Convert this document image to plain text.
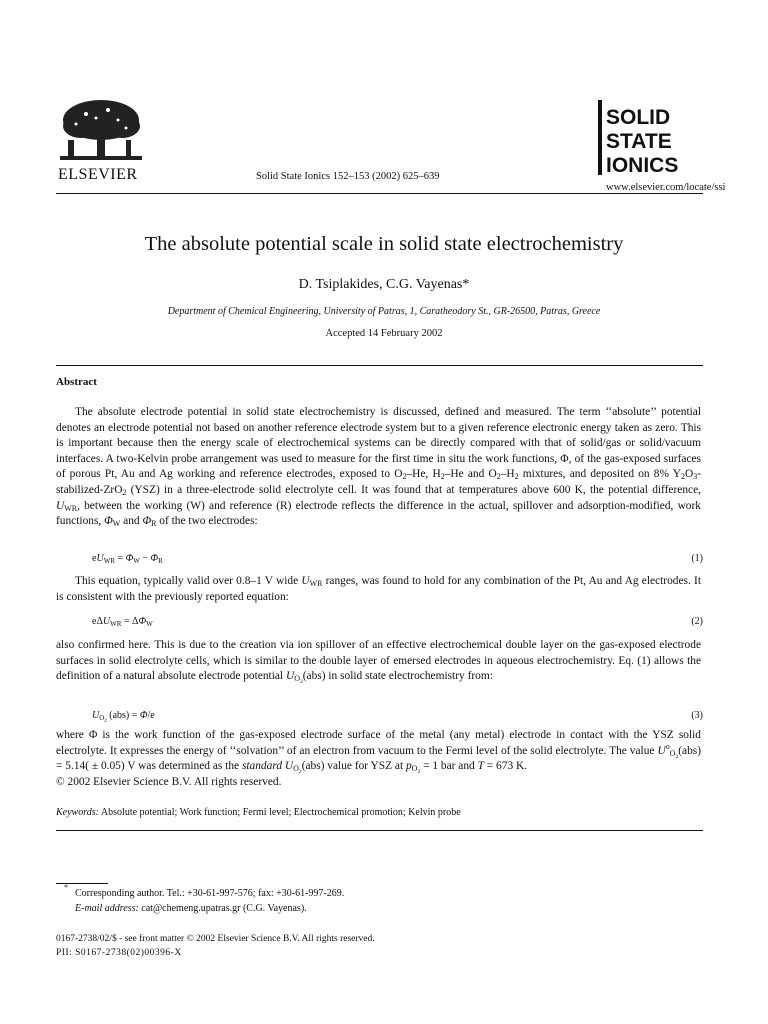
ELSEVIER	Solid State Ionics 152–153 (2002) 625–639
SOLID
STATE
IONICS
www.elsevier.com/locate/ssi
The absolute potential scale in solid state electrochemistry
D. Tsiplakides, C.G. Vayenas*
Department of Chemical Engineering, University of Patras, 1, Caratheodory St., GR-26500, Patras, Greece
Accepted 14 February 2002
Abstract
The absolute electrode potential in solid state electrochemistry is discussed, defined and measured. The term ‘‘absolute’’ potential denotes an electrode potential not based on another reference electrode system but to a given reference electronic energy taken as zero. This is important because then the energy scale of electrochemical systems can be directly compared with that of solid/gas or solid/vacuum interfaces. A two-Kelvin probe arrangement was used to measure for the first time in situ the work functions, Φ, of the gas-exposed surfaces of porous Pt, Au and Ag working and reference electrodes, exposed to $O_2-He$, $H_2-He$ and $O_2-H_2$ mixtures, and deposited on 8% $Y_2O_3-stabilized-ZrO_2$ (YSZ) in a three-electrode solid electrolyte cell. It was found that at temperatures above 600 K, the potential difference, $U_{WR}$, between the working (W) and reference (R) electrode reflects the difference in the actual, spillover and adsorption-modified, work functions, $\Phi_W$ and $\Phi_R$ of the two electrodes:
$eU_{WR} = \Phi_W - \Phi_R$	(1)
This equation, typically valid over 0.8–1 V wide $U_{WR}$ ranges, was found to hold for any combination of the Pt, Au and Ag electrodes. It is consistent with the previously reported equation:
$e\Delta U_{WR} = \Delta\Phi_W$	(2)
also confirmed here. This is due to the creation via ion spillover of an effective electrochemical double layer on the gas-exposed electrode surfaces in solid electrolyte cells, which is similar to the double layer of emersed electrodes in aqueous electrochemistry. Eq. (1) allows the definition of a natural absolute electrode potential $U_{O_2}(abs)$ in solid state electrochemistry from:
$U_{O_2}$ (abs) = Φ/e	(3)
where Φ is the work function of the gas-exposed electrode surface of the metal (any metal) electrode in contact with the YSZ solid electrolyte. It expresses the energy of ‘‘solvation’’ of an electron from vacuum to the Fermi level of the solid electrolyte. The value $U^o_{O_2}(abs) = 5.14( \pm 0.05)$ V was determined as the standard $U_{O_2}(abs)$ value for YSZ at $p_{O_2} = 1$ bar and T = 673 K.
© 2002 Elsevier Science B.V. All rights reserved.
Keywords: Absolute potential; Work function; Fermi level; Electrochemical promotion; Kelvin probe
*
Corresponding author. Tel.: +30-61-997-576; fax: +30-61-997-269.
E-mail address: cat@chemeng.upatras.gr (C.G. Vayenas).
0167-2738/02/$ - see front matter © 2002 Elsevier Science B.V. All rights reserved.
PII: S0167-2738(02)00396-X
